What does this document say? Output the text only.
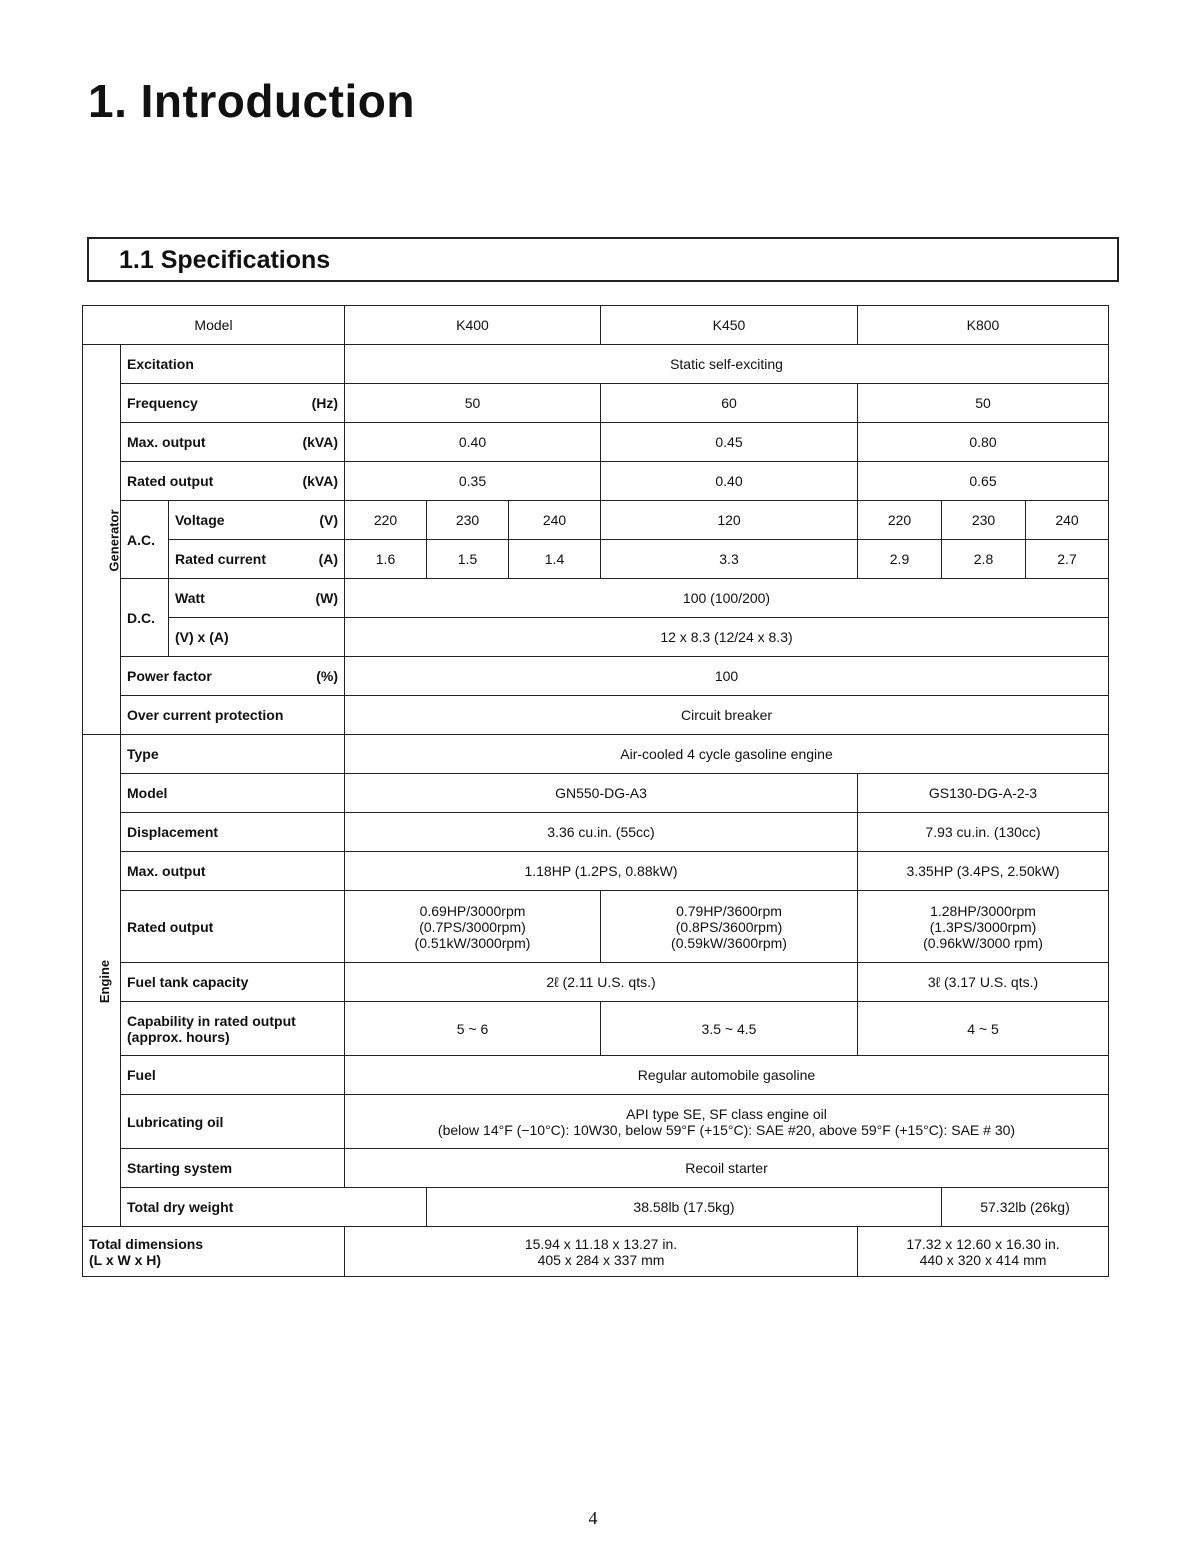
1. Introduction
1.1 Specifications
Model			K400			K450	K800		
Generator	Excitation		Static self-exciting						

	Frequency (Hz)		50			60	50		

	Max. output (kVA)		0.40			0.45	0.80		

	Rated output (kVA)		0.35			0.40	0.65		
	A.C.	Voltage (V)	220	230	240	120	220	230	240

		Rated current (A)	1.6	1.5	1.4	3.3	2.9	2.8	2.7
	D.C.	Watt (W)	100 (100/200)						
		(V) x (A)	12 x 8.3 (12/24 x 8.3)						

	Power factor (%)		100						
	Over current protection		Circuit breaker						
Engine	Type		Air-cooled 4 cycle gasoline engine						
	Model		GN550-DG-A3				GS130-DG-A-2-3		
	Displacement		3.36 cu.in. (55cc)				7.93 cu.in. (130cc)		
	Max. output		1.18HP (1.2PS, 0.88kW)				3.35HP (3.4PS, 2.50kW)		
	Rated output		0.69HP/3000rpm
(0.7PS/3000rpm)
(0.51kW/3000rpm)			0.79HP/3600rpm
(0.8PS/3600rpm)
(0.59kW/3600rpm)	1.28HP/3000rpm
(1.3PS/3000rpm)
(0.96kW/3000 rpm)		
	Fuel tank capacity		2ℓ (2.11 U.S. qts.)				3ℓ (3.17 U.S. qts.)		
	Capability in rated output
(approx. hours)		5 ~ 6			3.5 ~ 4.5	4 ~ 5		
	Fuel		Regular automobile gasoline						
	Lubricating oil		API type SE, SF class engine oil
(below 14°F (−10°C): 10W30, below 59°F (+15°C): SAE #20, above 59°F (+15°C): SAE # 30)						
	Starting system		Recoil starter						
	Total dry weight			38.58lb (17.5kg)				57.32lb (26kg)	
Total dimensions
(L x W x H)			15.94 x 11.18 x 13.27 in.
405 x 284 x 337 mm				17.32 x 12.60 x 16.30 in.
440 x 320 x 414 mm		
4
